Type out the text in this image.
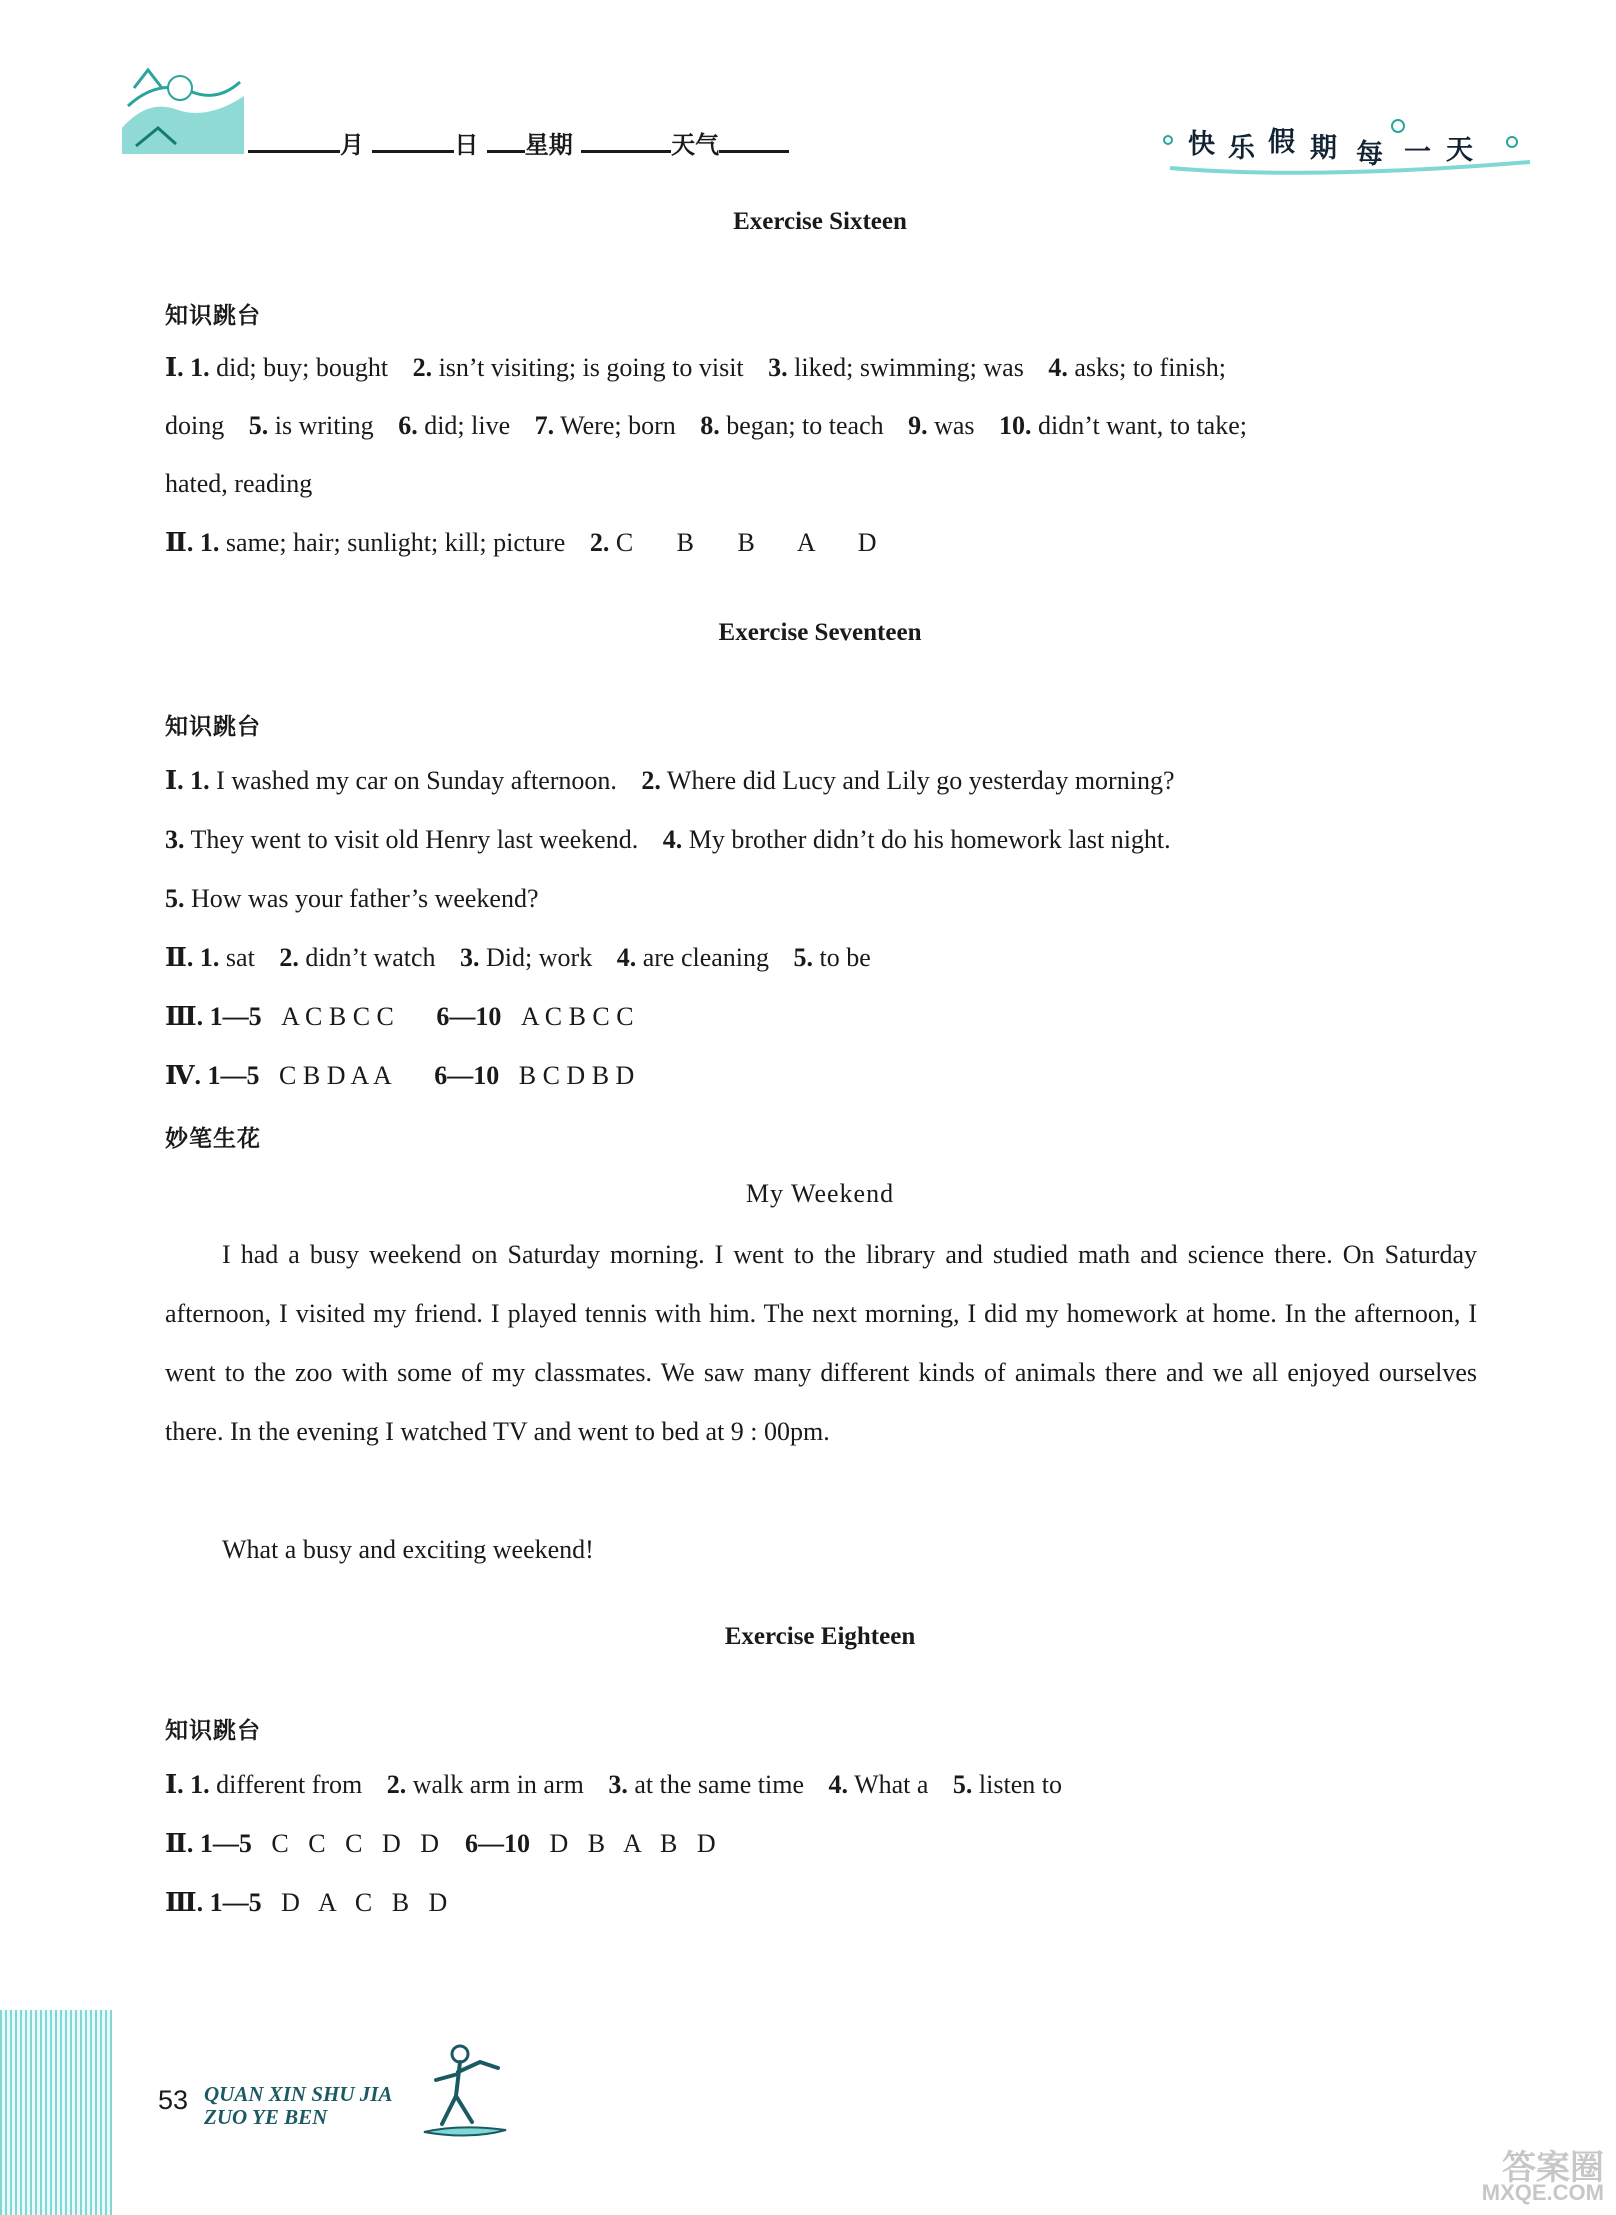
月	日 星期	天气	快 乐 假 期 每 一 天
Exercise Sixteen
知识跳台
Ⅰ. 1. did; buy; bought 2. isn’t visiting; is going to visit 3. liked; swimming; was 4. asks; to finish;
doing 5. is writing 6. did; live 7. Were; born 8. began; to teach 9. was 10. didn’t want, to take;
hated, reading
Ⅱ. 1. same; hair; sunlight; kill; picture 2. C   B   B   A   D
Exercise Seventeen
知识跳台
Ⅰ. 1. I washed my car on Sunday afternoon. 2. Where did Lucy and Lily go yesterday morning?
3. They went to visit old Henry last weekend. 4. My brother didn’t do his homework last night.
5. How was your father’s weekend?
Ⅱ. 1. sat 2. didn’t watch 3. Did; work 4. are cleaning 5. to be
Ⅲ. 1—5 A C B C C 6—10 A C B C C
Ⅳ. 1—5 C B D A A 6—10 B C D B D
妙笔生花
My Weekend
I had a busy weekend on Saturday morning. I went to the library and studied math and science there. On Saturday afternoon, I visited my friend. I played tennis with him. The next morning, I did my homework at home. In the afternoon, I went to the zoo with some of my classmates. We saw many different kinds of animals there and we all enjoyed ourselves there. In the evening I watched TV and went to bed at 9 : 00pm.
What a busy and exciting weekend!
Exercise Eighteen
知识跳台
Ⅰ. 1. different from 2. walk arm in arm 3. at the same time 4. What a 5. listen to
Ⅱ. 1—5 C   C   C   D   D 6—10 D   B   A   B   D
Ⅲ. 1—5 D   A   C   B   D
53 QUAN XIN SHU JIA
ZUO YE BEN
答案圈
MXQE.COM
